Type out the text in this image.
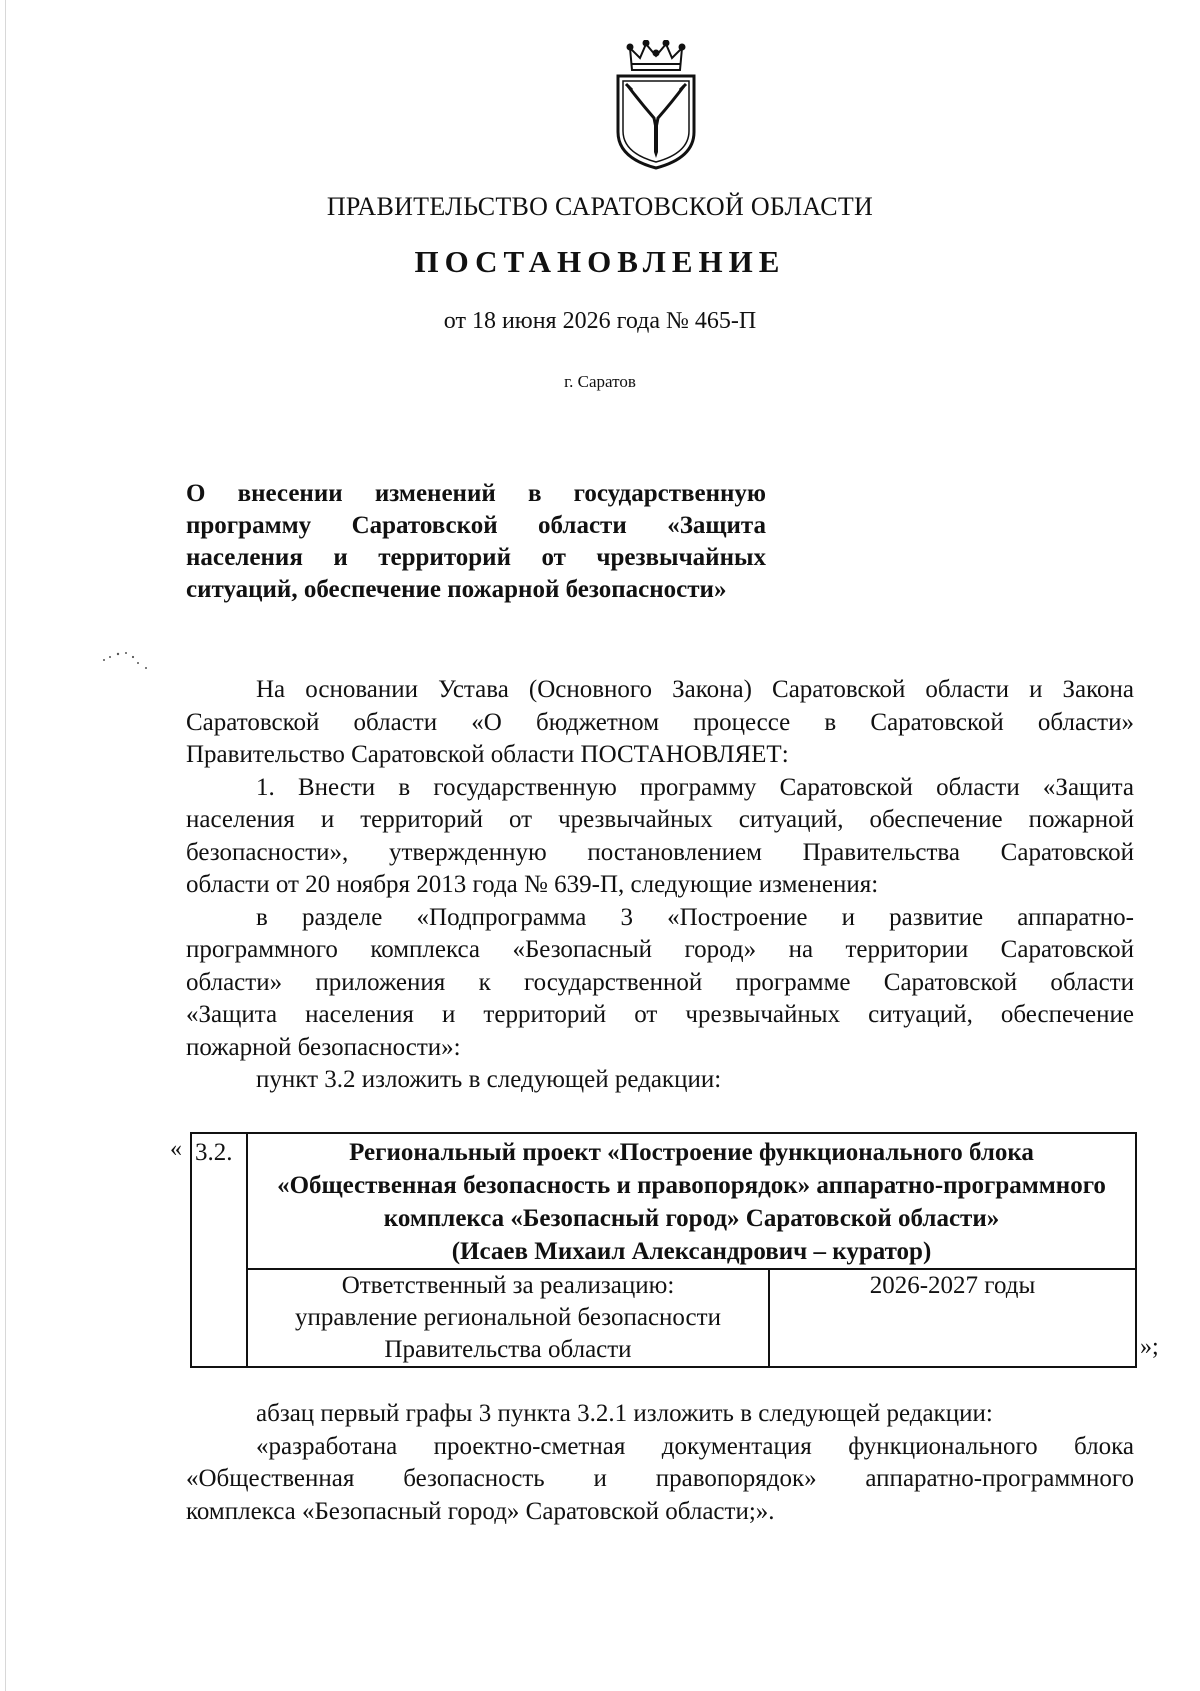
ПРАВИТЕЛЬСТВО САРАТОВСКОЙ ОБЛАСТИ
ПОСТАНОВЛЕНИЕ
от 18 июня 2026 года № 465-П
г. Саратов
О внесении изменений в государственную
программу Саратовской области «Защита
населения и территорий от чрезвычайных
ситуаций, обеспечение пожарной безопасности»
На основании Устава (Основного Закона) Саратовской области и Закона
Саратовской области «О бюджетном процессе в Саратовской области»
Правительство Саратовской области ПОСТАНОВЛЯЕТ:
1. Внести в государственную программу Саратовской области «Защита
населения и территорий от чрезвычайных ситуаций, обеспечение пожарной
безопасности», утвержденную постановлением Правительства Саратовской
области от 20 ноября 2013 года № 639-П, следующие изменения:
в разделе «Подпрограмма 3 «Построение и развитие аппаратно-
программного комплекса «Безопасный город» на территории Саратовской
области» приложения к государственной программе Саратовской области
«Защита населения и территорий от чрезвычайных ситуаций, обеспечение
пожарной безопасности»:
пункт 3.2 изложить в следующей редакции:
« 3.2.	Региональный проект «Построение функционального блока
«Общественная безопасность и правопорядок» аппаратно-программного
комплекса «Безопасный город» Саратовской области»
(Исаев Михаил Александрович – куратор)	

	Ответственный за реализацию:
управление региональной безопасности
Правительства области	2026-2027 годы
»;
абзац первый графы 3 пункта 3.2.1 изложить в следующей редакции:
«разработана проектно-сметная документация функционального блока
«Общественная безопасность и правопорядок» аппаратно-программного
комплекса «Безопасный город» Саратовской области;».
